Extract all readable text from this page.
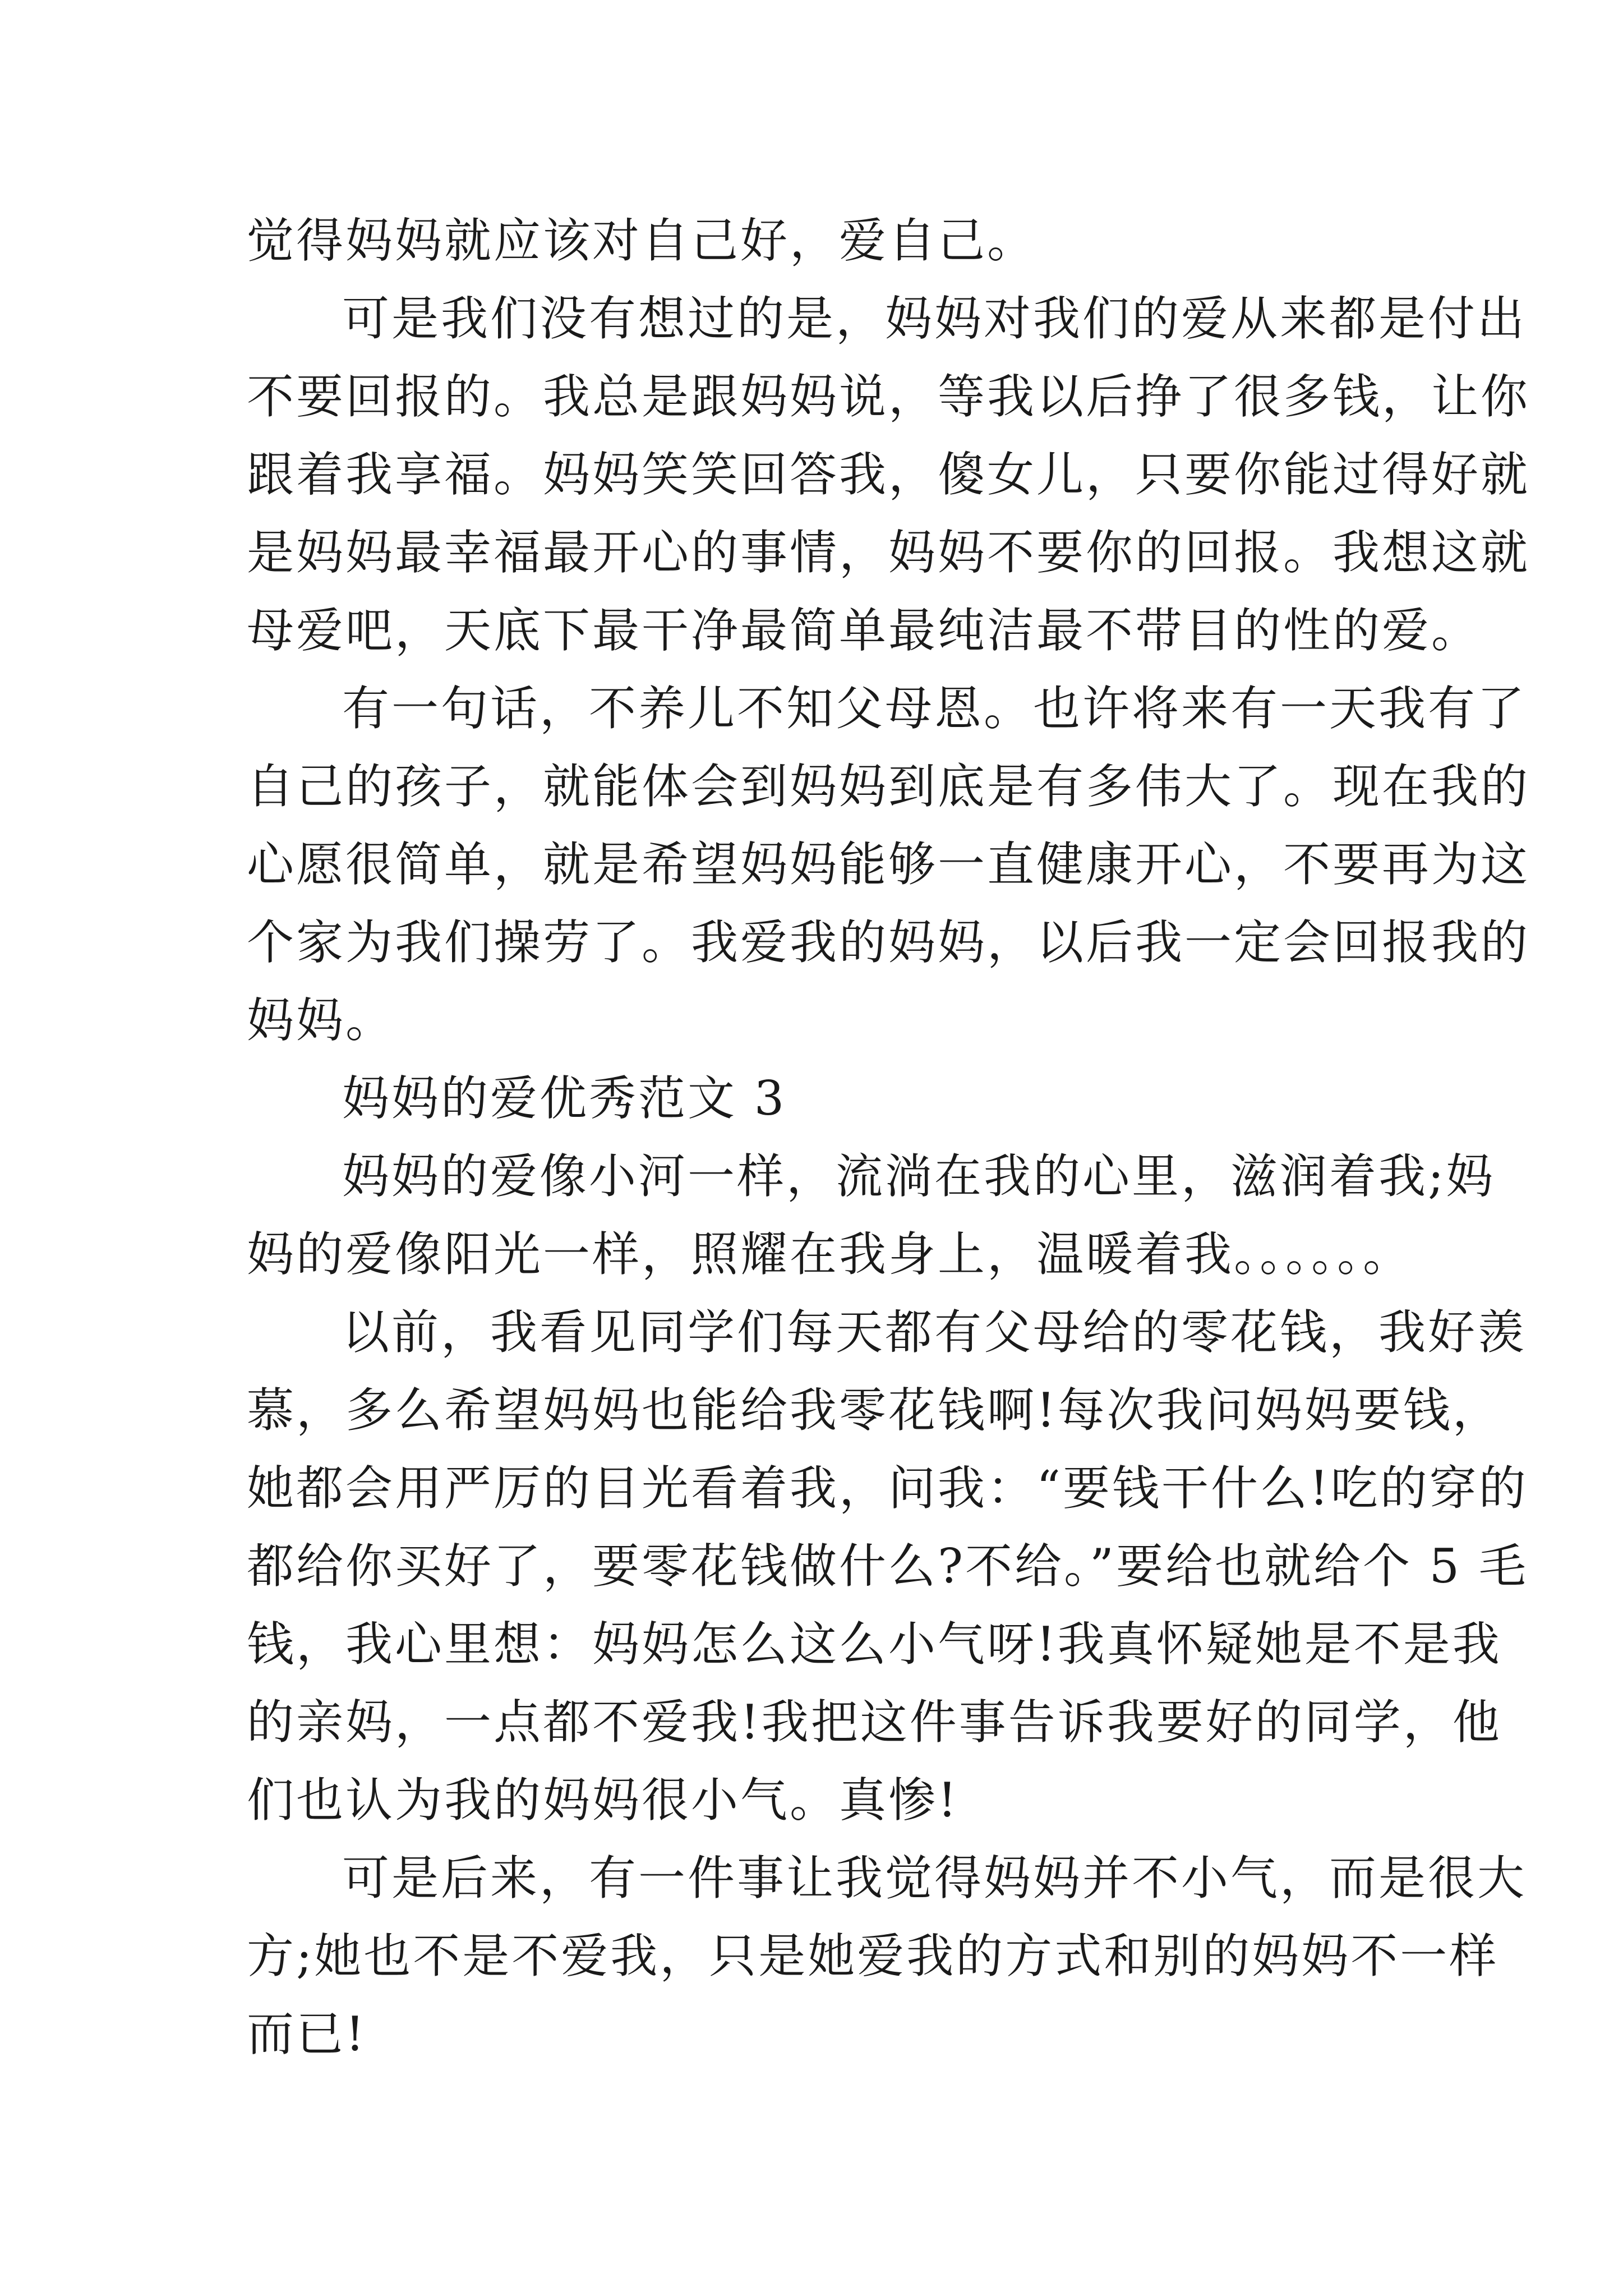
觉得妈妈就应该对自己好，爱自己。
可是我们没有想过的是，妈妈对我们的爱从来都是付出
不要回报的。我总是跟妈妈说，等我以后挣了很多钱，让你
跟着我享福。妈妈笑笑回答我，傻女儿，只要你能过得好就
是妈妈最幸福最开心的事情，妈妈不要你的回报。我想这就
母爱吧，天底下最干净最简单最纯洁最不带目的性的爱。
有一句话，不养儿不知父母恩。也许将来有一天我有了
自己的孩子，就能体会到妈妈到底是有多伟大了。现在我的
心愿很简单，就是希望妈妈能够一直健康开心，不要再为这
个家为我们操劳了。我爱我的妈妈，以后我一定会回报我的
妈妈。
妈妈的爱优秀范文 3
妈妈的爱像小河一样，流淌在我的心里，滋润着我;妈
妈的爱像阳光一样，照耀在我身上，温暖着我。。。。。。
以前，我看见同学们每天都有父母给的零花钱，我好羡
慕，多么希望妈妈也能给我零花钱啊!每次我问妈妈要钱，
她都会用严厉的目光看着我，问我：“要钱干什么!吃的穿的
都给你买好了，要零花钱做什么?不给。”要给也就给个 5 毛
钱，我心里想：妈妈怎么这么小气呀!我真怀疑她是不是我
的亲妈，一点都不爱我!我把这件事告诉我要好的同学，他
们也认为我的妈妈很小气。真惨!
可是后来，有一件事让我觉得妈妈并不小气，而是很大
方;她也不是不爱我，只是她爱我的方式和别的妈妈不一样
而已!
